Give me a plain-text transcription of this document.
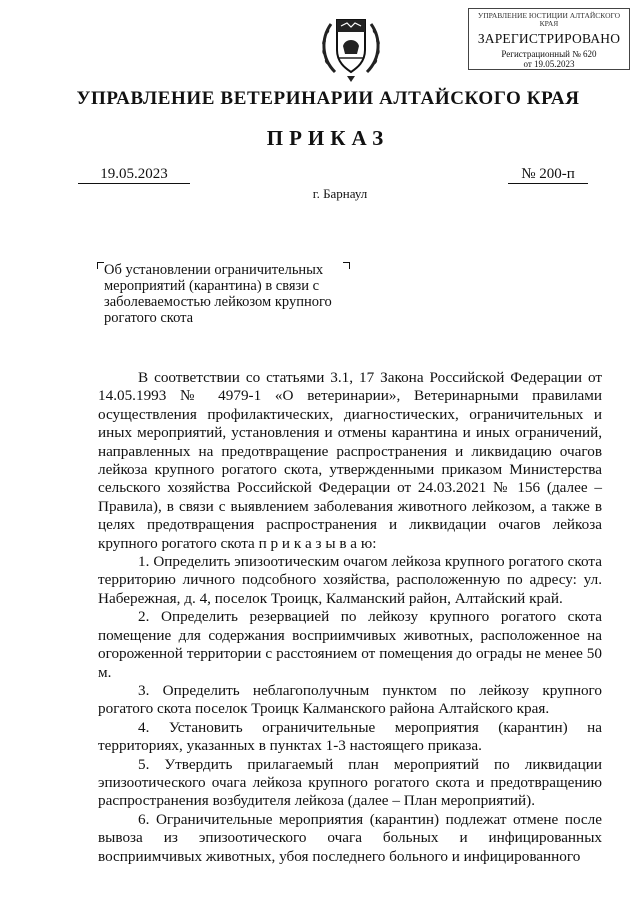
УПРАВЛЕНИЕ ЮСТИЦИИ АЛТАЙСКОГО КРАЯ
ЗАРЕГИСТРИРОВАНО
Регистрационный № 620
от 19.05.2023
УПРАВЛЕНИЕ ВЕТЕРИНАРИИ АЛТАЙСКОГО КРАЯ
ПРИКАЗ
19.05.2023	№ 200-п
г. Барнаул
Об установлении ограничительных мероприятий (карантина) в связи с заболеваемостью лейкозом крупного рогатого скота

В соответствии со статьями 3.1, 17 Закона Российской Федерации от 14.05.1993 № 4979-1 «О ветеринарии», Ветеринарными правилами осуществления профилактических, диагностических, ограничительных и иных мероприятий, установления и отмены карантина и иных ограничений, направленных на предотвращение распространения и ликвидацию очагов лейкоза крупного рогатого скота, утвержденными приказом Министерства сельского хозяйства Российской Федерации от 24.03.2021 № 156 (далее – Правила), в связи с выявлением заболевания животного лейкозом, а также в целях предотвращения распространения и ликвидации очагов лейкоза крупного рогатого скота п р и к а з ы в а ю:

1. Определить эпизоотическим очагом лейкоза крупного рогатого скота территорию личного подсобного хозяйства, расположенную по адресу: ул. Набережная, д. 4, поселок Троицк, Калманский район, Алтайский край.

2. Определить резервацией по лейкозу крупного рогатого скота помещение для содержания восприимчивых животных, расположенное на огороженной территории с расстоянием от помещения до ограды не менее 50 м.

3. Определить неблагополучным пунктом по лейкозу крупного рогатого скота поселок Троицк Калманского района Алтайского края.

4. Установить ограничительные мероприятия (карантин) на территориях, указанных в пунктах 1-3 настоящего приказа.

5. Утвердить прилагаемый план мероприятий по ликвидации эпизоотического очага лейкоза крупного рогатого скота и предотвращению распространения возбудителя лейкоза (далее – План мероприятий).

6. Ограничительные мероприятия (карантин) подлежат отмене после вывоза из эпизоотического очага больных и инфицированных восприимчивых животных, убоя последнего больного и инфицированного
